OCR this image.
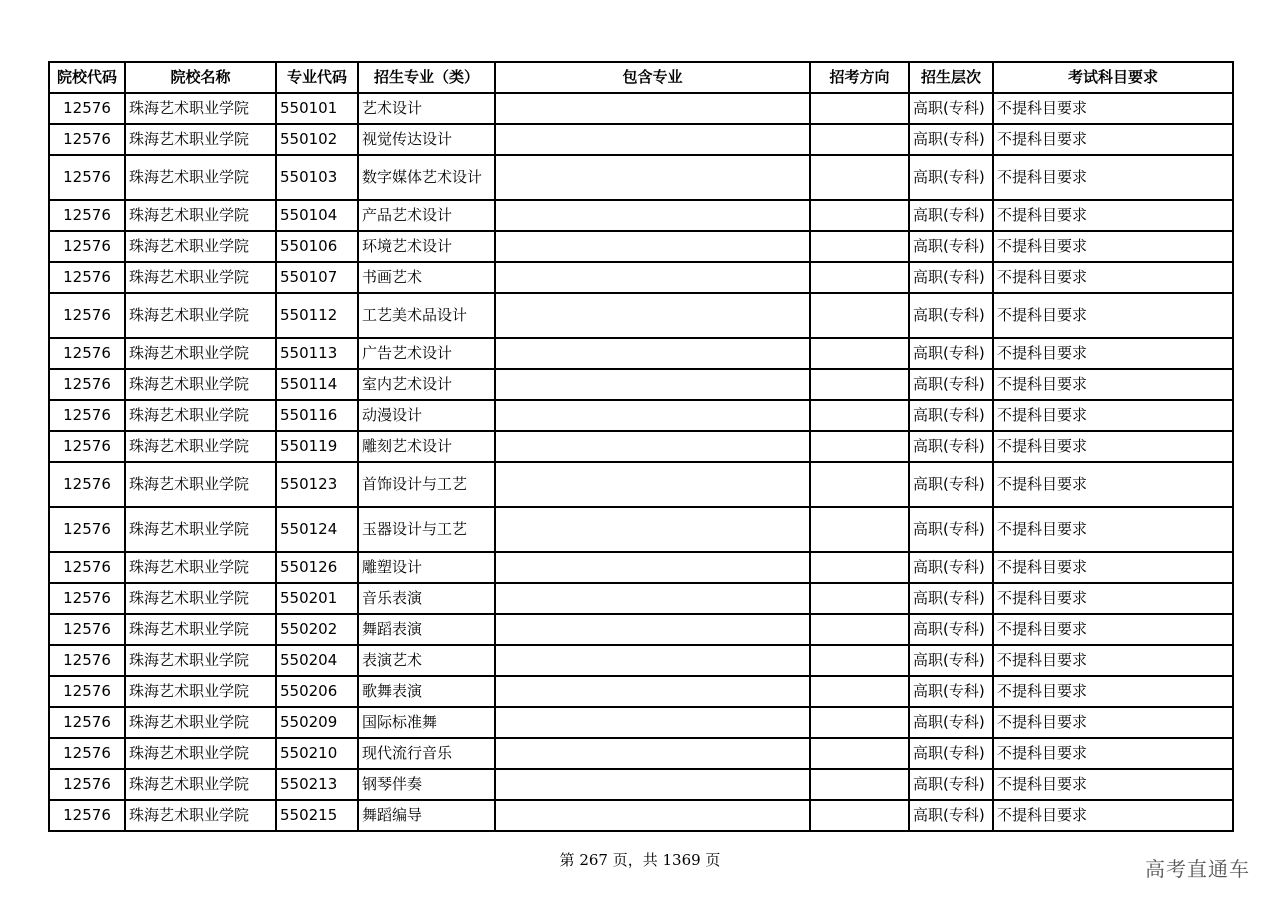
院校代码	院校名称	专业代码	招生专业（类）	包含专业	招考方向	招生层次	考试科目要求
12576	珠海艺术职业学院	550101	艺术设计			高职(专科)	不提科目要求
12576	珠海艺术职业学院	550102	视觉传达设计			高职(专科)	不提科目要求
12576	珠海艺术职业学院	550103	数字媒体艺术设计			高职(专科)	不提科目要求
12576	珠海艺术职业学院	550104	产品艺术设计			高职(专科)	不提科目要求
12576	珠海艺术职业学院	550106	环境艺术设计			高职(专科)	不提科目要求
12576	珠海艺术职业学院	550107	书画艺术			高职(专科)	不提科目要求
12576	珠海艺术职业学院	550112	工艺美术品设计			高职(专科)	不提科目要求
12576	珠海艺术职业学院	550113	广告艺术设计			高职(专科)	不提科目要求
12576	珠海艺术职业学院	550114	室内艺术设计			高职(专科)	不提科目要求
12576	珠海艺术职业学院	550116	动漫设计			高职(专科)	不提科目要求
12576	珠海艺术职业学院	550119	雕刻艺术设计			高职(专科)	不提科目要求
12576	珠海艺术职业学院	550123	首饰设计与工艺			高职(专科)	不提科目要求
12576	珠海艺术职业学院	550124	玉器设计与工艺			高职(专科)	不提科目要求
12576	珠海艺术职业学院	550126	雕塑设计			高职(专科)	不提科目要求
12576	珠海艺术职业学院	550201	音乐表演			高职(专科)	不提科目要求
12576	珠海艺术职业学院	550202	舞蹈表演			高职(专科)	不提科目要求
12576	珠海艺术职业学院	550204	表演艺术			高职(专科)	不提科目要求
12576	珠海艺术职业学院	550206	歌舞表演			高职(专科)	不提科目要求
12576	珠海艺术职业学院	550209	国际标准舞			高职(专科)	不提科目要求
12576	珠海艺术职业学院	550210	现代流行音乐			高职(专科)	不提科目要求
12576	珠海艺术职业学院	550213	钢琴伴奏			高职(专科)	不提科目要求
12576	珠海艺术职业学院	550215	舞蹈编导			高职(专科)	不提科目要求
第 267 页，共 1369 页	高考直通车
